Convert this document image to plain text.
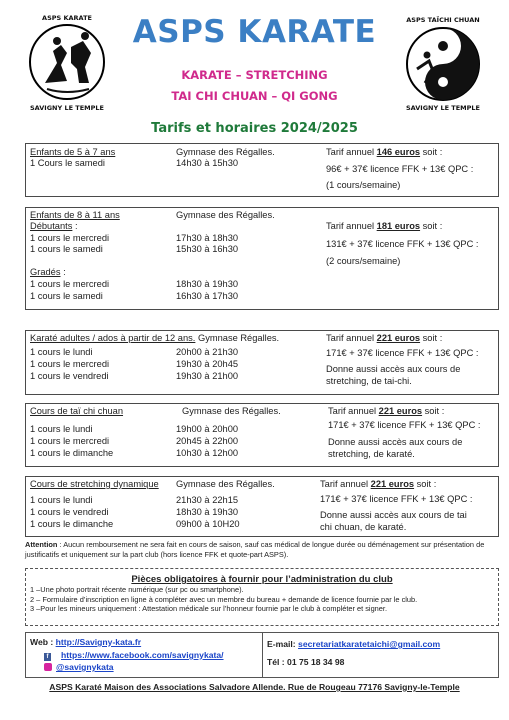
ASPS KARATE
SAVIGNY LE TEMPLE
ASPS TAÏCHI CHUAN
SAVIGNY LE TEMPLE
ASPS KARATE
KARATE – STRETCHING
TAI CHI CHUAN – QI GONG
Tarifs et horaires 2024/2025
Enfants de 5 à 7 ans	Gymnase des Régalles.
1 Cours le samedi	14h30 à 15h30
Tarif annuel 146 euros soit :
96€ + 37€ licence FFK + 13€ QPC :
(1 cours/semaine)
Enfants de 8 à 11 ans	Gymnase des Régalles.
Débutants :
1 cours le mercredi	17h30 à 18h30
1 cours le samedi	15h30 à 16h30
Gradés :
1 cours le mercredi	18h30 à 19h30
1 cours le samedi	16h30 à 17h30
Tarif annuel 181 euros soit :
131€ + 37€ licence FFK + 13€ QPC :
(2 cours/semaine)
Karaté adultes / ados à partir de 12 ans. Gymnase Régalles.
1 cours le lundi	20h00 à 21h30
1 cours le mercredi	19h30 à 20h45
1 cours le vendredi	19h30 à 21h00
Tarif annuel 221 euros soit :
171€ + 37€ licence FFK + 13€ QPC :
Donne aussi accès aux cours de
stretching, de tai-chi.
Cours de taï chi chuan	Gymnase des Régalles.
1 cours le lundi	19h00 à 20h00
1 cours le mercredi	20h45 à 22h00
1 cours le dimanche	10h30 à 12h00
Tarif annuel 221 euros soit :
171€ + 37€ licence FFK + 13€ QPC :
Donne aussi accès aux cours de
stretching, de karaté.
Cours de stretching dynamique Gymnase des Régalles.
1 cours le lundi	21h30 à 22h15
1 cours le vendredi	18h30 à 19h30
1 cours le dimanche	09h00 à 10H20
Tarif annuel 221 euros soit :
171€ + 37€ licence FFK + 13€ QPC :
Donne aussi accès aux cours de tai
chi chuan, de karaté.
Attention : Aucun remboursement ne sera fait en cours de saison, sauf cas médical de longue durée ou déménagement sur présentation de justificatifs et uniquement sur la part club (hors licence FFK et quote-part ASPS).
Pièces obligatoires à fournir pour l’administration du club
1 –Une photo portrait récente numérique (sur pc ou smartphone).
2 – Formulaire d’inscription en ligne à compléter avec un membre du bureau + demande de licence fournie par le club.
3 –Pour les mineurs uniquement : Attestation médicale sur l’honneur fournie par le club à compléter et signer.
Web : http://Savigny-kata.fr
f https://www.facebook.com/savignykata/
@savignykata
E-mail: secretariatkaratetaichi@gmail.com
Tél : 01 75 18 34 98
ASPS Karaté Maison des Associations Salvadore Allende. Rue de Rougeau 77176 Savigny-le-Temple
